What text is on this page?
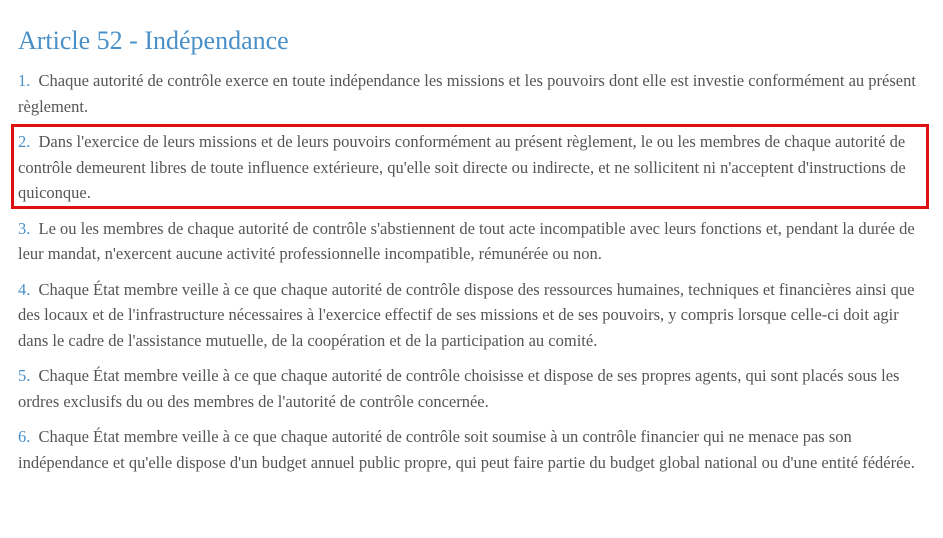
Article 52 - Indépendance

1. Chaque autorité de contrôle exerce en toute indépendance les missions et les pouvoirs dont elle est investie conformément au présent règlement.

2. Dans l'exercice de leurs missions et de leurs pouvoirs conformément au présent règlement, le ou les membres de chaque autorité de contrôle demeurent libres de toute influence extérieure, qu'elle soit directe ou indirecte, et ne sollicitent ni n'acceptent d'instructions de quiconque.

3. Le ou les membres de chaque autorité de contrôle s'abstiennent de tout acte incompatible avec leurs fonctions et, pendant la durée de leur mandat, n'exercent aucune activité professionnelle incompatible, rémunérée ou non.

4. Chaque État membre veille à ce que chaque autorité de contrôle dispose des ressources humaines, techniques et financières ainsi que des locaux et de l'infrastructure nécessaires à l'exercice effectif de ses missions et de ses pouvoirs, y compris lorsque celle-ci doit agir dans le cadre de l'assistance mutuelle, de la coopération et de la participation au comité.

5. Chaque État membre veille à ce que chaque autorité de contrôle choisisse et dispose de ses propres agents, qui sont placés sous les ordres exclusifs du ou des membres de l'autorité de contrôle concernée.

6. Chaque État membre veille à ce que chaque autorité de contrôle soit soumise à un contrôle financier qui ne menace pas son indépendance et qu'elle dispose d'un budget annuel public propre, qui peut faire partie du budget global national ou d'une entité fédérée.
